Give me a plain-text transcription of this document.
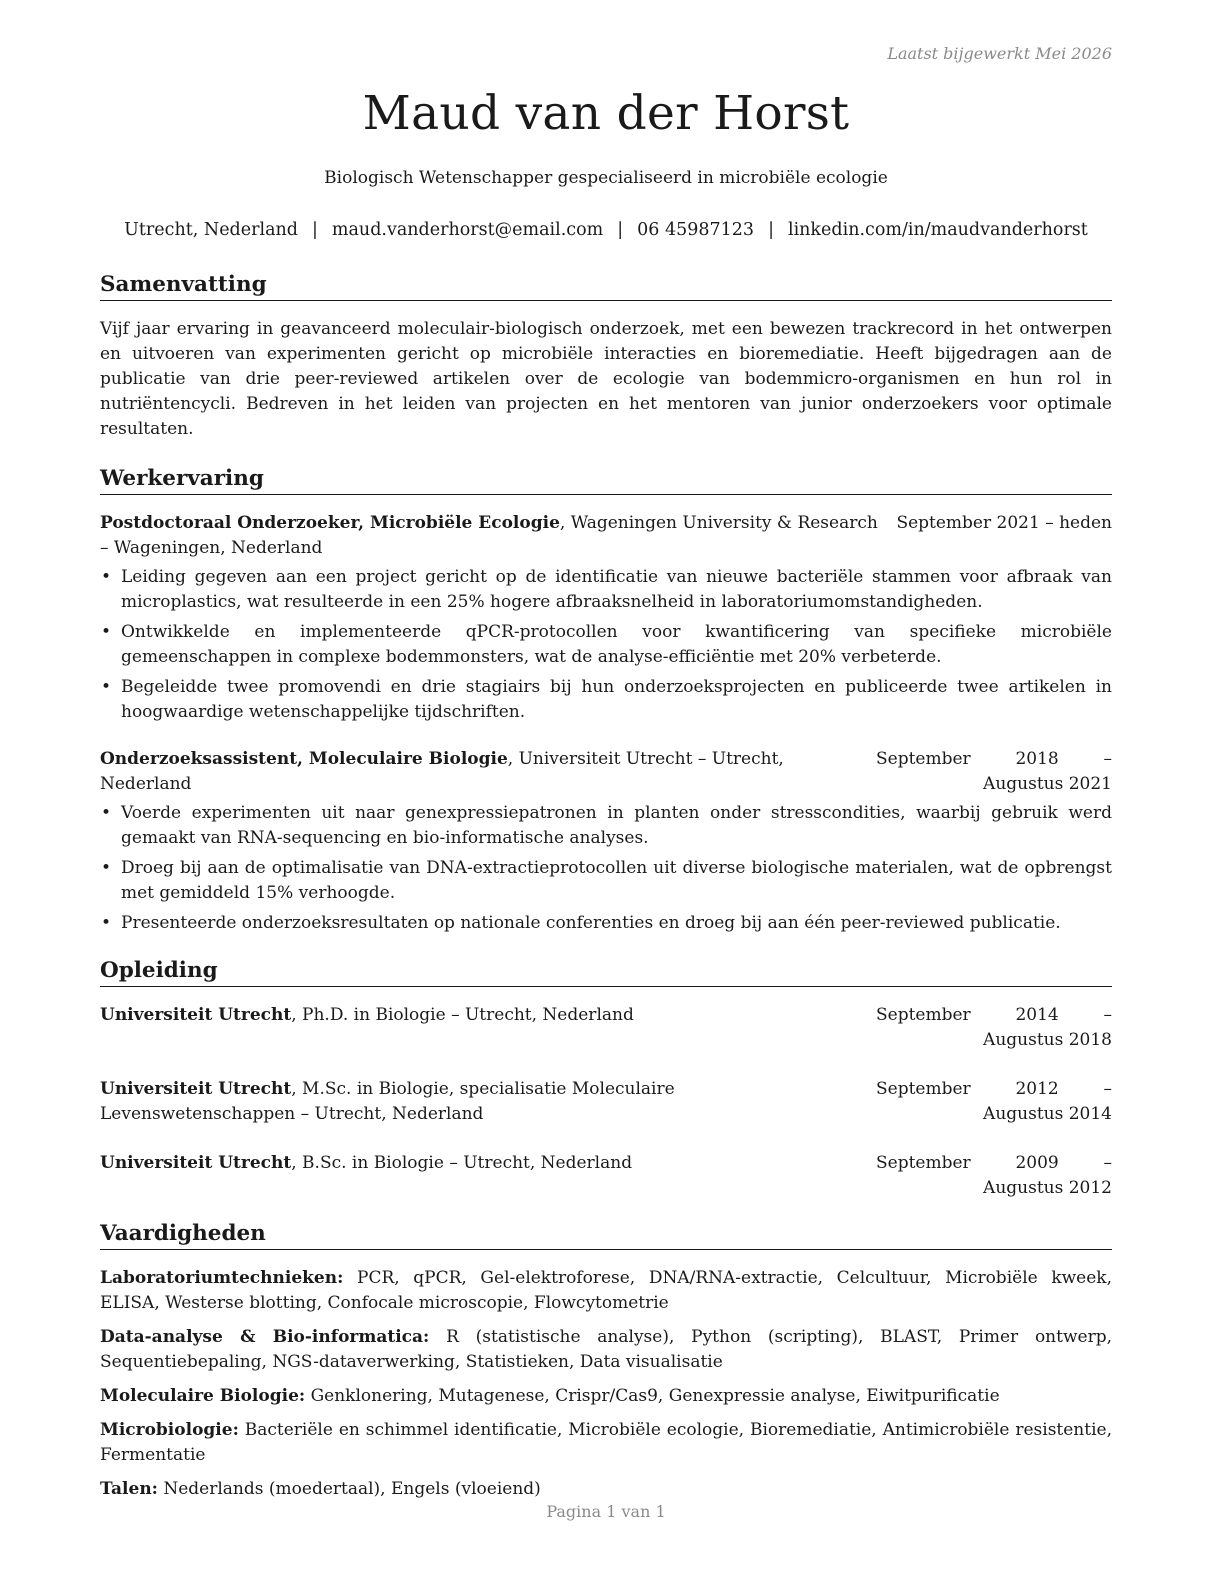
Laatst bijgewerkt Mei 2026
Maud van der Horst
Biologisch Wetenschapper gespecialiseerd in microbiële ecologie
Utrecht, Nederland | maud.vanderhorst@email.com | 06 45987123 | linkedin.com/in/maudvanderhorst
Samenvatting

Vijf jaar ervaring in geavanceerd moleculair-biologisch onderzoek, met een bewezen trackrecord in het ontwerpen en uitvoeren van experimenten gericht op microbiële interacties en bioremediatie. Heeft bijgedragen aan de publicatie van drie peer-reviewed artikelen over de ecologie van bodemmicro-organismen en hun rol in nutriëntencycli. Bedreven in het leiden van projecten en het mentoren van junior onderzoekers voor optimale resultaten.

Werkervaring
Postdoctoraal Onderzoeker, Microbiële Ecologie, Wageningen University & Research – Wageningen, Nederland
September 2021 – heden
• Leiding gegeven aan een project gericht op de identificatie van nieuwe bacteriële stammen voor afbraak van microplastics, wat resulteerde in een 25% hogere afbraaksnelheid in laboratoriumomstandigheden.
• Ontwikkelde en implementeerde qPCR-protocollen voor kwantificering van specifieke microbiële gemeenschappen in complexe bodemmonsters, wat de analyse-efficiëntie met 20% verbeterde.
• Begeleidde twee promovendi en drie stagiairs bij hun onderzoeksprojecten en publiceerde twee artikelen in hoogwaardige wetenschappelijke tijdschriften.
Onderzoeksassistent, Moleculaire Biologie, Universiteit Utrecht – Utrecht, Nederland
September 2018 – Augustus 2021
• Voerde experimenten uit naar genexpressiepatronen in planten onder stresscondities, waarbij gebruik werd gemaakt van RNA-sequencing en bio-informatische analyses.
• Droeg bij aan de optimalisatie van DNA-extractieprotocollen uit diverse biologische materialen, wat de opbrengst met gemiddeld 15% verhoogde.
• Presenteerde onderzoeksresultaten op nationale conferenties en droeg bij aan één peer-reviewed publicatie.
Opleiding
Universiteit Utrecht, Ph.D. in Biologie – Utrecht, Nederland	September 2014 – Augustus 2018
Universiteit Utrecht, M.Sc. in Biologie, specialisatie Moleculaire Levenswetenschappen – Utrecht, Nederland
September 2012 – Augustus 2014
Universiteit Utrecht, B.Sc. in Biologie – Utrecht, Nederland	September 2009 – Augustus 2012
Vaardigheden
Laboratoriumtechnieken: PCR, qPCR, Gel-elektroforese, DNA/RNA-extractie, Celcultuur, Microbiële kweek, ELISA, Westerse blotting, Confocale microscopie, Flowcytometrie
Data-analyse & Bio-informatica: R (statistische analyse), Python (scripting), BLAST, Primer ontwerp, Sequentiebepaling, NGS-dataverwerking, Statistieken, Data visualisatie
Moleculaire Biologie: Genklonering, Mutagenese, Crispr/Cas9, Genexpressie analyse, Eiwitpurificatie
Microbiologie: Bacteriële en schimmel identificatie, Microbiële ecologie, Bioremediatie, Antimicrobiële resistentie, Fermentatie
Talen: Nederlands (moedertaal), Engels (vloeiend)
Pagina 1 van 1
